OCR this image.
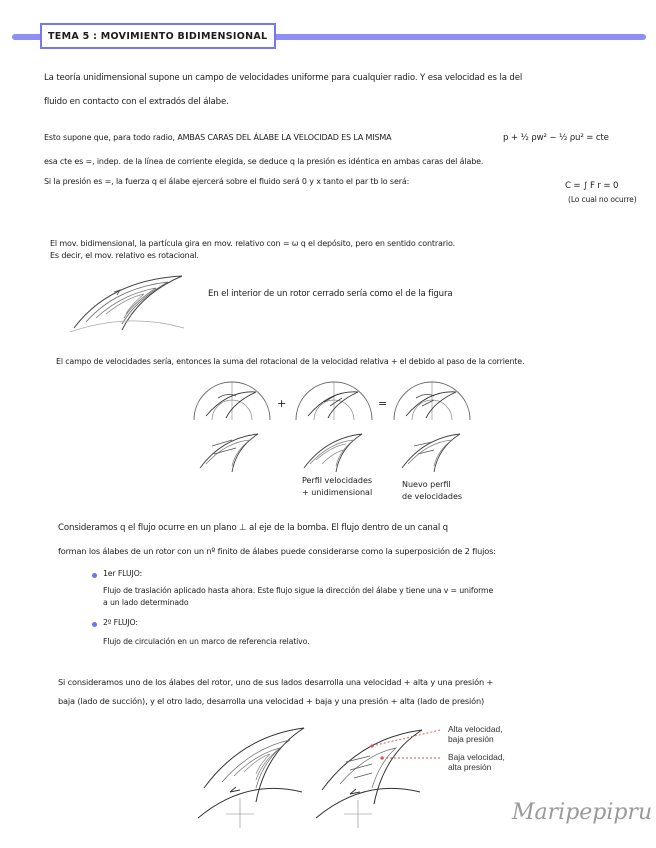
TEMA 5 : MOVIMIENTO BIDIMENSIONAL
La teoría unidimensional supone un campo de velocidades uniforme para cualquier radio. Y esa velocidad es la del
fluido en contacto con el extradós del álabe.
Esto supone que, para todo radio, AMBAS CARAS DEL ÁLABE LA VELOCIDAD ES LA MISMA	p + ½ ρw² − ½ ρu² = cte
esa cte es =, indep. de la línea de corriente elegida, se deduce q la presión es idéntica en ambas caras del álabe.
Si la presión es =, la fuerza q el álabe ejercerá sobre el fluido será 0 y x tanto el par tb lo será:	C = ∫ F r = 0
(Lo cual no ocurre)
El mov. bidimensional, la partícula gira en mov. relativo con = ω q el depósito, pero en sentido contrario.
Es decir, el mov. relativo es rotacional.
En el interior de un rotor cerrado sería como el de la figura
El campo de velocidades sería, entonces la suma del rotacional de la velocidad relativa + el debido al paso de la corriente.
+	=
Perfil velocidades
+ unidimensional
Nuevo perfil
de velocidades
Consideramos q el flujo ocurre en un plano ⊥ al eje de la bomba. El flujo dentro de un canal q
forman los álabes de un rotor con un nº finito de álabes puede considerarse como la superposición de 2 flujos:
1er FLUJO:
Flujo de traslación aplicado hasta ahora. Este flujo sigue la dirección del álabe y tiene una v = uniforme
a un lado determinado
2º FLUJO:
Flujo de circulación en un marco de referencia relativo.
Si consideramos uno de los álabes del rotor, uno de sus lados desarrolla una velocidad + alta y una presión +
baja (lado de succión), y el otro lado, desarrolla una velocidad + baja y una presión + alta (lado de presión)
Alta velocidad,
baja presión
Baja velocidad,
alta presión
Maripepipru
